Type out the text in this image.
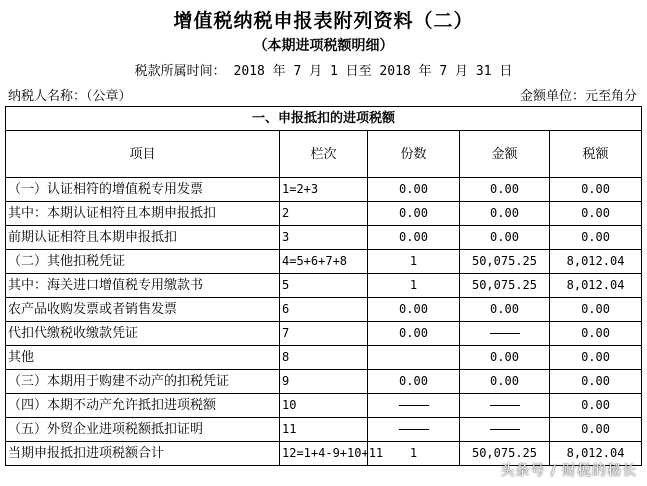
增值税纳税申报表附列资料（二）
（本期进项税额明细）
税款所属时间： 2018 年 7 月 1 日至 2018 年 7 月 31 日
纳税人名称：（公章）	金额单位：元至角分
一、申报抵扣的进项税额				
项目	栏次	份数	金额	税额
（一）认证相符的增值税专用发票	1=2+3	0.00	0.00	0.00
其中：本期认证相符且本期申报抵扣	2	0.00	0.00	0.00
前期认证相符且本期申报抵扣	3	0.00	0.00	0.00
（二）其他扣税凭证	4=5+6+7+8	1	50,075.25	8,012.04
其中：海关进口增值税专用缴款书	5	1	50,075.25	8,012.04
农产品收购发票或者销售发票	6	0.00	0.00	0.00
代扣代缴税收缴款凭证	7	0.00		0.00
其他	8		0.00	0.00
（三）本期用于购建不动产的扣税凭证	9	0.00	0.00	0.00
（四）本期不动产允许抵扣进项税额	10			0.00
（五）外贸企业进项税额抵扣证明	11			0.00
当期申报抵扣进项税额合计	12=1+4-9+10+11	1	50,075.25	8,012.04
头条号 / 财税的秘长
